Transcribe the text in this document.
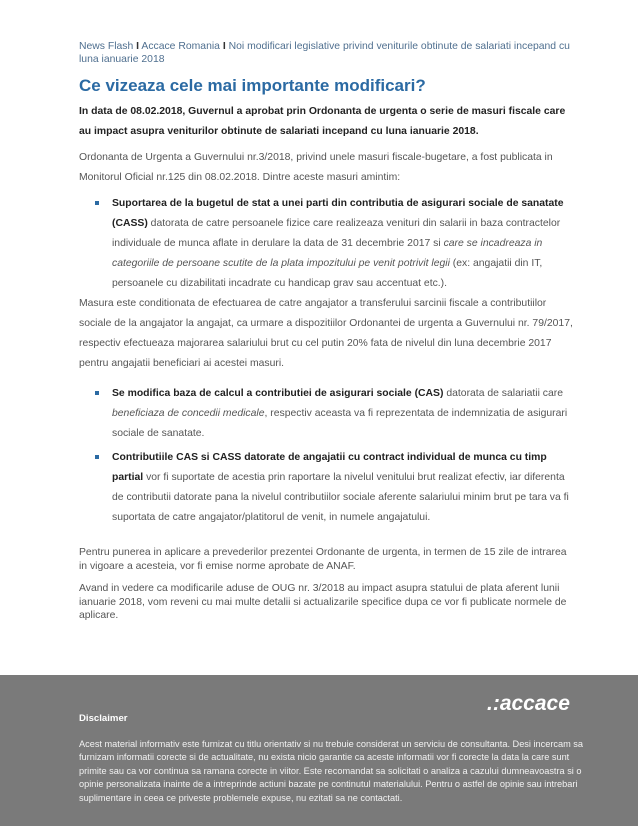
News Flash I Accace Romania I Noi modificari legislative privind veniturile obtinute de salariati incepand cu luna ianuarie 2018
Ce vizeaza cele mai importante modificari?
In data de 08.02.2018, Guvernul a aprobat prin Ordonanta de urgenta o serie de masuri fiscale care au impact asupra veniturilor obtinute de salariati incepand cu luna ianuarie 2018.
Ordonanta de Urgenta a Guvernului nr.3/2018, privind unele masuri fiscale-bugetare, a fost publicata in Monitorul Oficial nr.125 din 08.02.2018. Dintre aceste masuri amintim:
Suportarea de la bugetul de stat a unei parti din contributia de asigurari sociale de sanatate (CASS) datorata de catre persoanele fizice care realizeaza venituri din salarii in baza contractelor individuale de munca aflate in derulare la data de 31 decembrie 2017 si care se incadreaza in categoriile de persoane scutite de la plata impozitului pe venit potrivit legii (ex: angajatii din IT, persoanele cu dizabilitati incadrate cu handicap grav sau accentuat etc.).
Masura este conditionata de efectuarea de catre angajator a transferului sarcinii fiscale a contributiilor sociale de la angajator la angajat, ca urmare a dispozitiilor Ordonantei de urgenta a Guvernului nr. 79/2017, respectiv efectueaza majorarea salariului brut cu cel putin 20% fata de nivelul din luna decembrie 2017 pentru angajatii beneficiari ai acestei masuri.
Se modifica baza de calcul a contributiei de asigurari sociale (CAS) datorata de salariatii care beneficiaza de concedii medicale, respectiv aceasta va fi reprezentata de indemnizatia de asigurari sociale de sanatate.
Contributiile CAS si CASS datorate de angajatii cu contract individual de munca cu timp partial vor fi suportate de acestia prin raportare la nivelul venitului brut realizat efectiv, iar diferenta de contributii datorate pana la nivelul contributiilor sociale aferente salariului minim brut pe tara va fi suportata de catre angajator/platitorul de venit, in numele angajatului.
Pentru punerea in aplicare a prevederilor prezentei Ordonante de urgenta, in termen de 15 zile de intrarea in vigoare a acesteia, vor fi emise norme aprobate de ANAF.
Avand in vedere ca modificarile aduse de OUG nr. 3/2018 au impact asupra statului de plata aferent lunii ianuarie 2018, vom reveni cu mai multe detalii si actualizarile specifice dupa ce vor fi publicate normele de aplicare.
.:accace
Disclaimer
Acest material informativ este furnizat cu titlu orientativ si nu trebuie considerat un serviciu de consultanta. Desi incercam sa furnizam informatii corecte si de actualitate, nu exista nicio garantie ca aceste informatii vor fi corecte la data la care sunt primite sau ca vor continua sa ramana corecte in viitor. Este recomandat sa solicitati o analiza a cazului dumneavoastra si o opinie personalizata inainte de a intreprinde actiuni bazate pe continutul materialului. Pentru o astfel de opinie sau intrebari suplimentare in ceea ce priveste problemele expuse, nu ezitati sa ne contactati.
